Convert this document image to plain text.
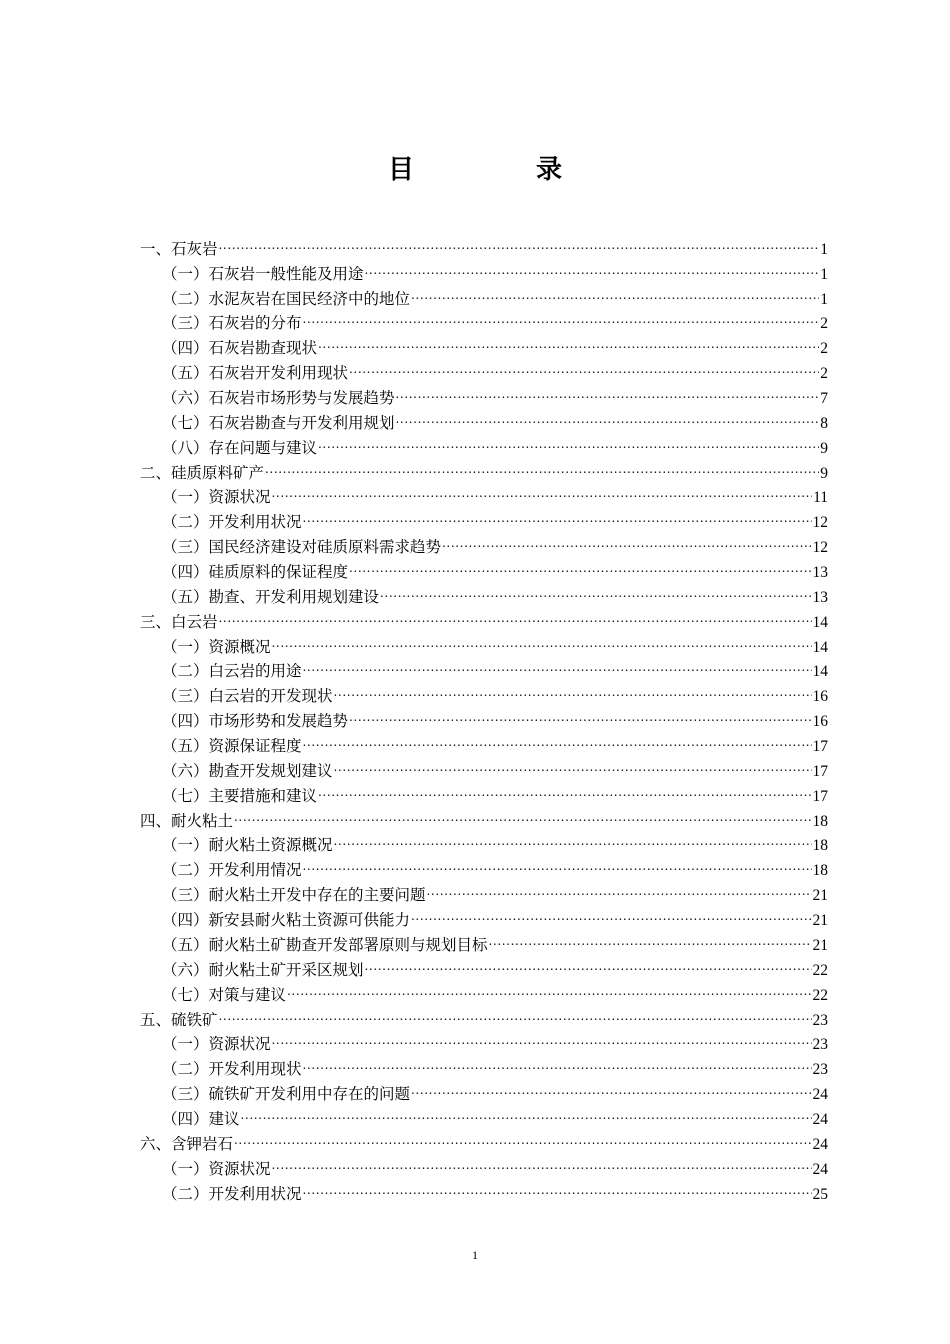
目　录
一、石灰岩 .....	1
（一）石灰岩一般性能及用途 .....	1
（二）水泥灰岩在国民经济中的地位 .....	1
（三）石灰岩的分布 .....	2
（四）石灰岩勘查现状 .....	2
（五）石灰岩开发利用现状 .....	2
（六）石灰岩市场形势与发展趋势 .....	7
（七）石灰岩勘查与开发利用规划 .....	8
（八）存在问题与建议 .....	9
二、硅质原料矿产 .....	9
（一）资源状况 .....	11
（二）开发利用状况 .....	12
（三）国民经济建设对硅质原料需求趋势 .....	12
（四）硅质原料的保证程度 .....	13
（五）勘查、开发利用规划建设 .....	13
三、白云岩 .....	14
（一）资源概况 .....	14
（二）白云岩的用途 .....	14
（三）白云岩的开发现状 .....	16
（四）市场形势和发展趋势 .....	16
（五）资源保证程度 .....	17
（六）勘查开发规划建议 .....	17
（七）主要措施和建议 .....	17
四、耐火粘土 .....	18
（一）耐火粘土资源概况 .....	18
（二）开发利用情况 .....	18
（三）耐火粘土开发中存在的主要问题 .....	21
（四）新安县耐火粘土资源可供能力 .....	21
（五）耐火粘土矿勘查开发部署原则与规划目标 .....	21
（六）耐火粘土矿开采区规划 .....	22
（七）对策与建议 .....	22
五、硫铁矿 .....	23
（一）资源状况 .....	23
（二）开发利用现状 .....	23
（三）硫铁矿开发利用中存在的问题 .....	24
（四）建议 .....	24
六、含钾岩石 .....	24
（一）资源状况 .....	24
（二）开发利用状况 .....	25
1
